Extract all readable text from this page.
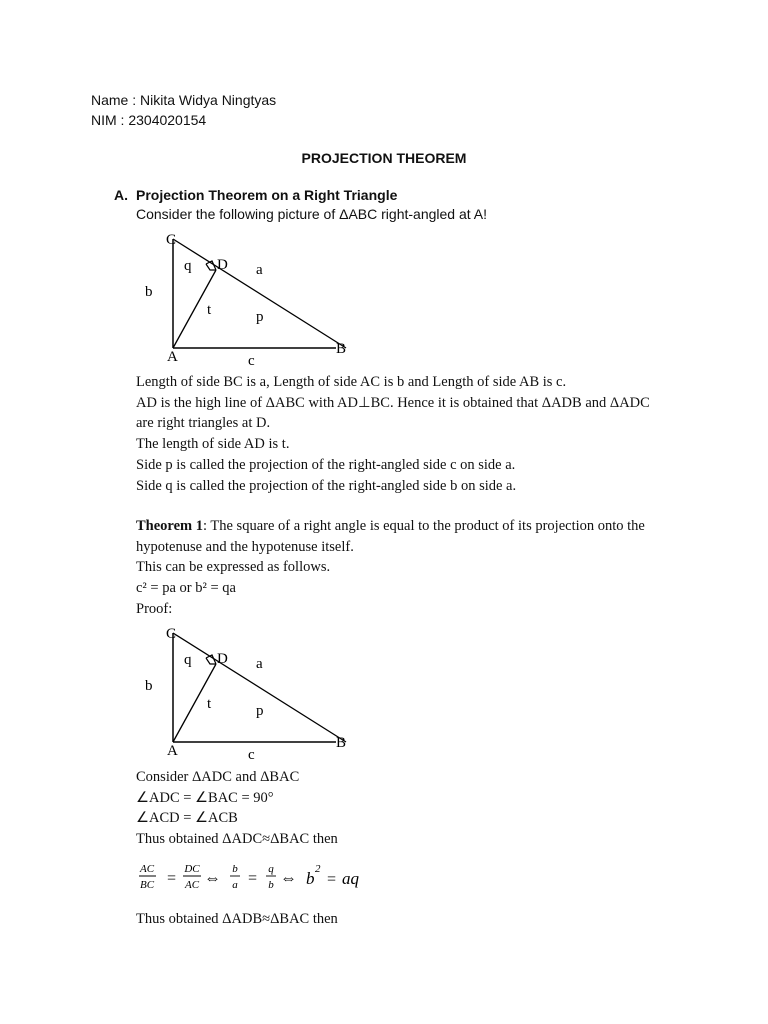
Name : Nikita Widya Ningtyas
NIM : 2304020154
PROJECTION THEOREM
A. Projection Theorem on a Right Triangle
Consider the following picture of ΔABC right-angled at A!
C
q D a
b
t	p
A	B
c
Length of side BC is a, Length of side AC is b and Length of side AB is c.
AD is the high line of ΔABC with AD⊥BC. Hence it is obtained that ΔADB and ΔADC
are right triangles at D.
The length of side AD is t.
Side p is called the projection of the right-angled side c on side a.
Side q is called the projection of the right-angled side b on side a.
Theorem 1: The square of a right angle is equal to the product of its projection onto the
hypotenuse and the hypotenuse itself.
This can be expressed as follows.
c² = pa or b² = qa
Proof:
C
q D a
b
t	p
A	B
c
Consider ΔADC and ΔBAC
∠ADC = ∠BAC = 90°
∠ACD = ∠ACB
Thus obtained ΔADC≈ΔBAC then
AC
BC =
DC
AC ⇔ b
a =
q
b ⇔ b 2
= aq
Thus obtained ΔADB≈ΔBAC then
